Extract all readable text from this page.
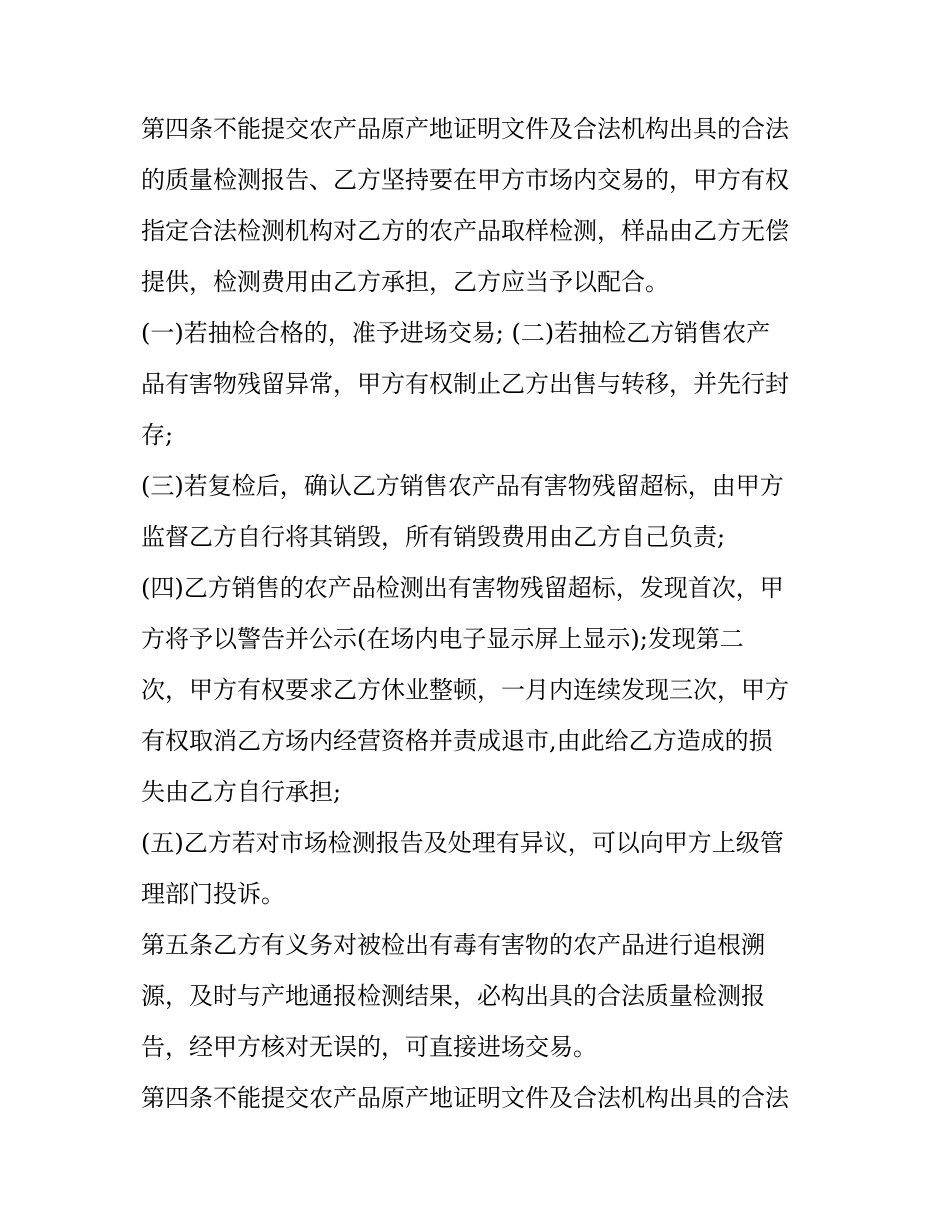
第四条不能提交农产品原产地证明文件及合法机构出具的合法
的质量检测报告、乙方坚持要在甲方市场内交易的，甲方有权
指定合法检测机构对乙方的农产品取样检测，样品由乙方无偿
提供，检测费用由乙方承担，乙方应当予以配合。
(一)若抽检合格的，准予进场交易; (二)若抽检乙方销售农产
品有害物残留异常，甲方有权制止乙方出售与转移，并先行封
存;
(三)若复检后，确认乙方销售农产品有害物残留超标，由甲方
监督乙方自行将其销毁，所有销毁费用由乙方自己负责;
(四)乙方销售的农产品检测出有害物残留超标，发现首次，甲
方将予以警告并公示(在场内电子显示屏上显示);发现第二
次，甲方有权要求乙方休业整顿，一月内连续发现三次，甲方
有权取消乙方场内经营资格并责成退市,由此给乙方造成的损
失由乙方自行承担;
(五)乙方若对市场检测报告及处理有异议，可以向甲方上级管
理部门投诉。
第五条乙方有义务对被检出有毒有害物的农产品进行追根溯
源，及时与产地通报检测结果，必构出具的合法质量检测报
告，经甲方核对无误的，可直接进场交易。
第四条不能提交农产品原产地证明文件及合法机构出具的合法
